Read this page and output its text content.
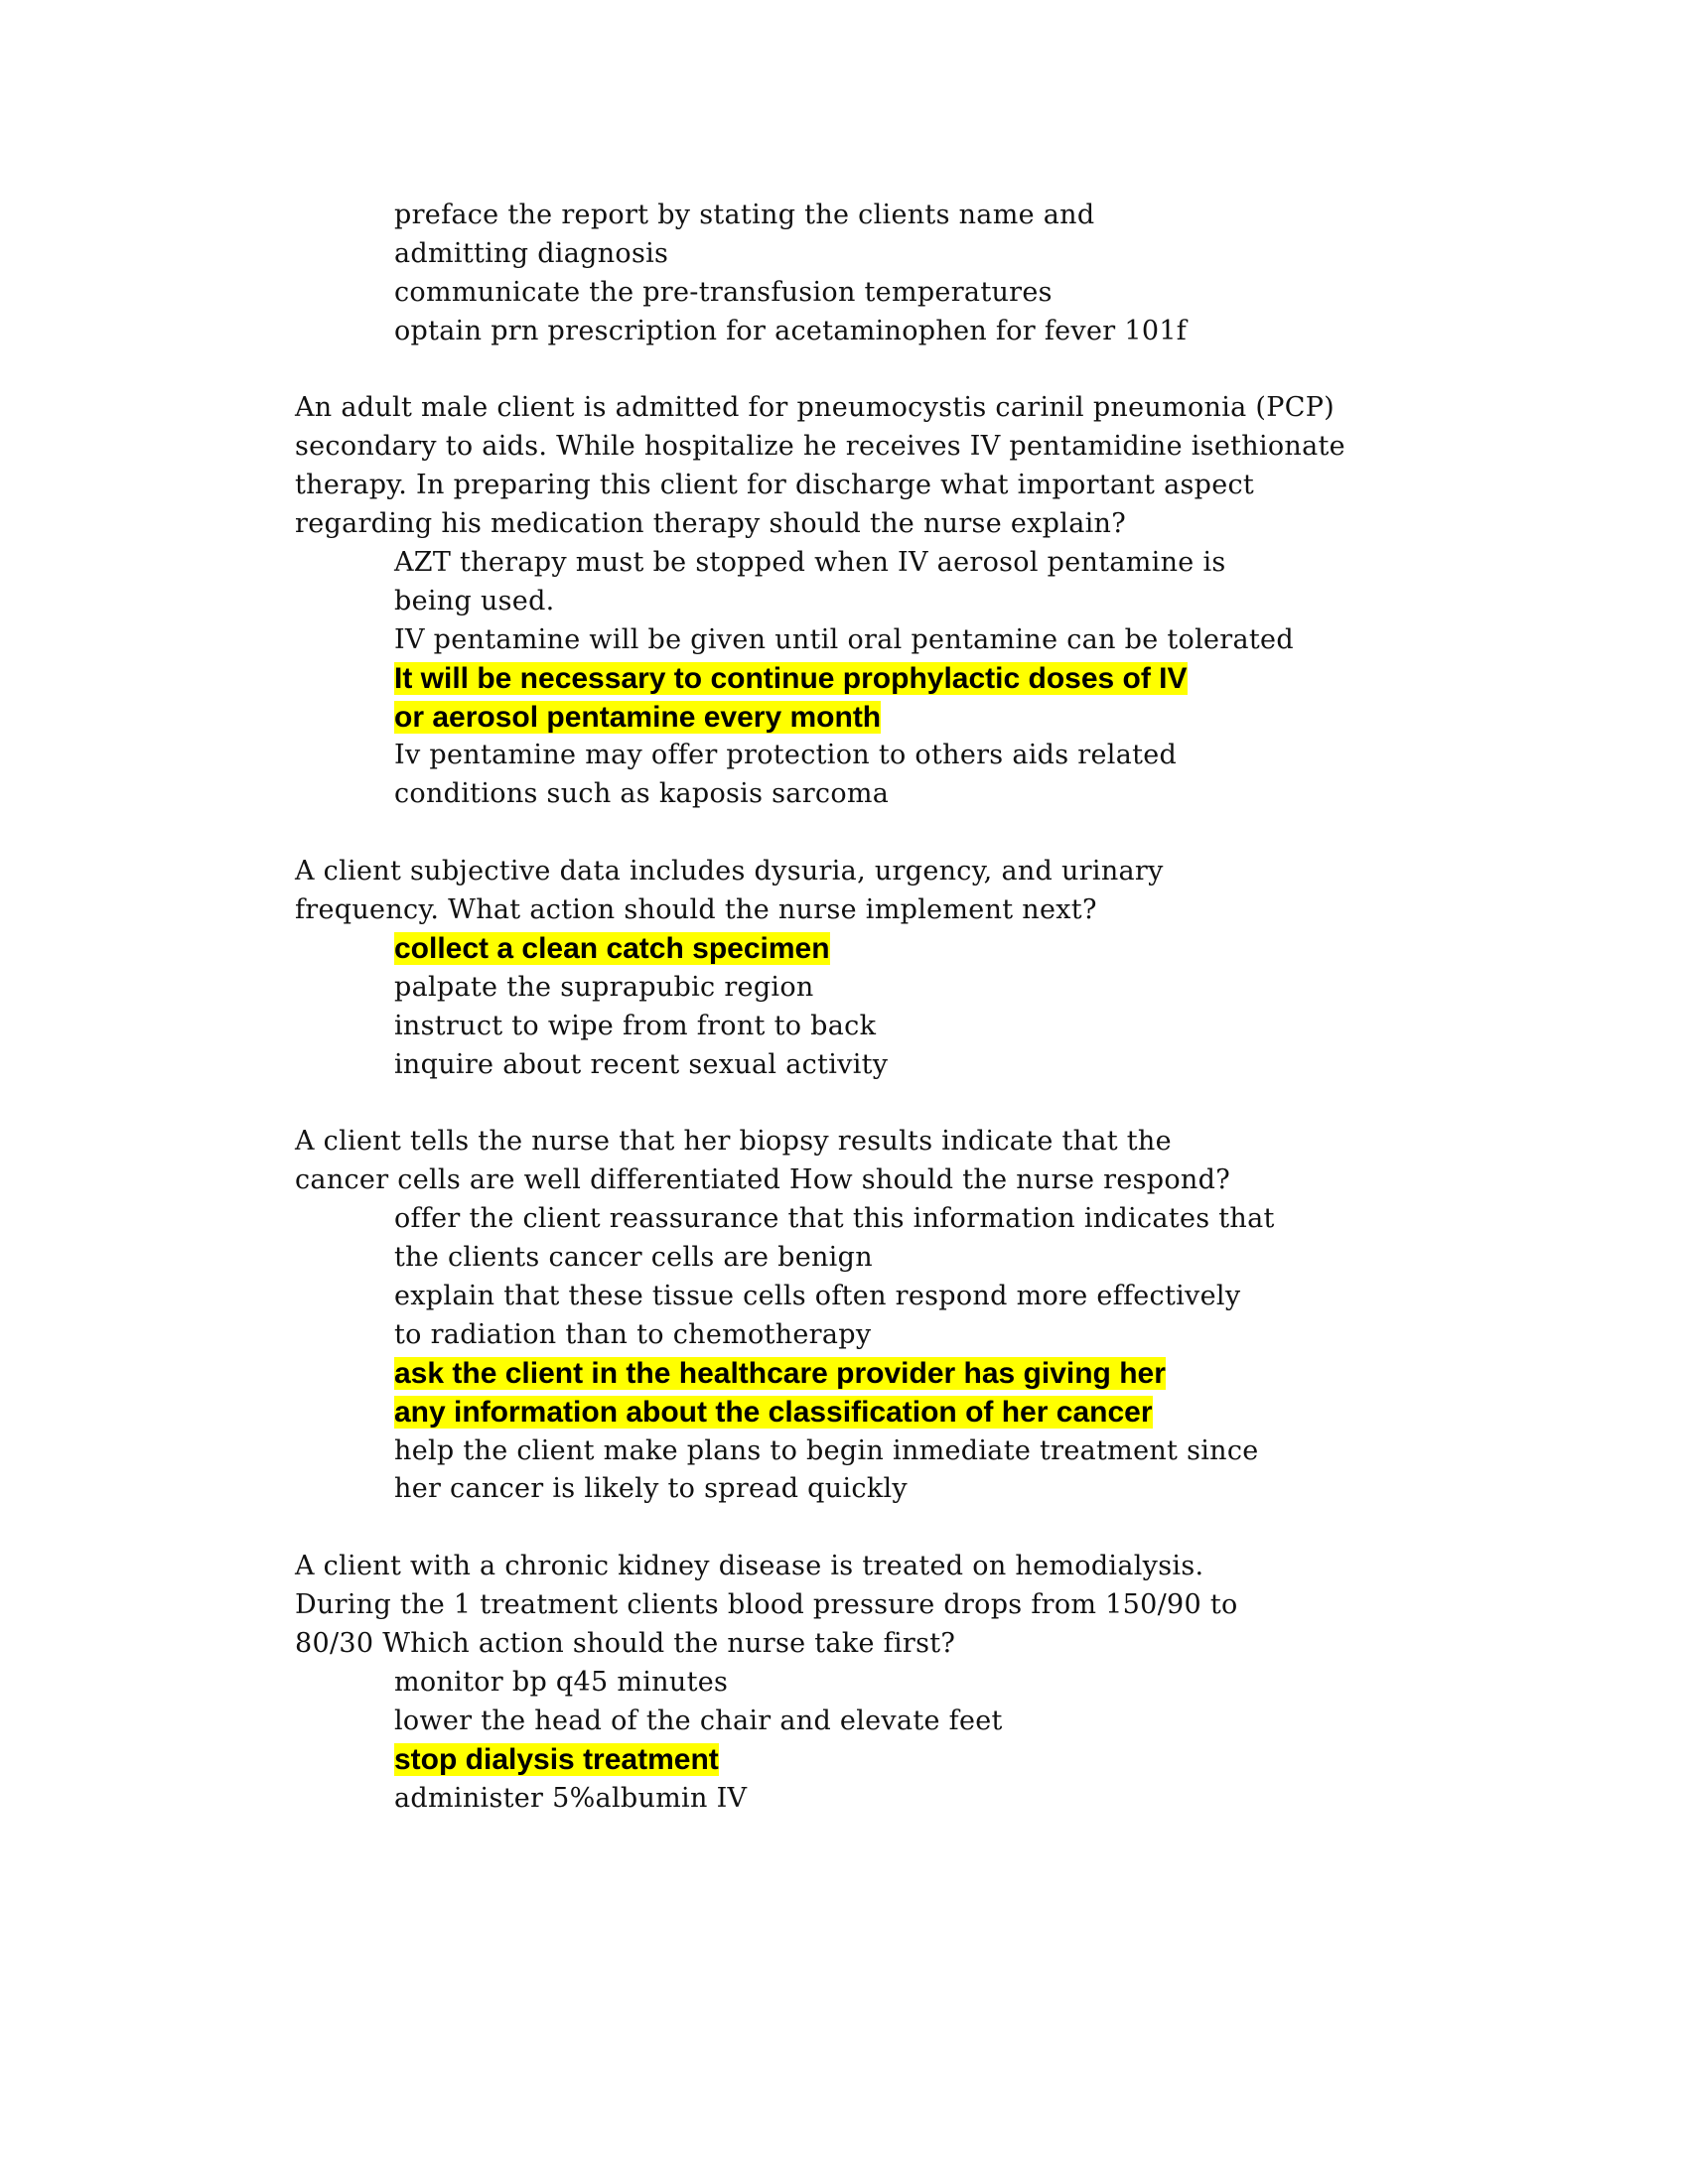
preface the report by stating the clients name and
admitting diagnosis
communicate the pre-transfusion temperatures
optain prn prescription for acetaminophen for fever 101f
An adult male client is admitted for pneumocystis carinil pneumonia (PCP)
secondary to aids. While hospitalize he receives IV pentamidine isethionate
therapy. In preparing this client for discharge what important aspect
regarding his medication therapy should the nurse explain?
AZT therapy must be stopped when IV aerosol pentamine is
being used.
IV pentamine will be given until oral pentamine can be tolerated
It will be necessary to continue prophylactic doses of IV
or aerosol pentamine every month
Iv pentamine may offer protection to others aids related
conditions such as kaposis sarcoma
A client subjective data includes dysuria, urgency, and urinary
frequency. What action should the nurse implement next?
collect a clean catch specimen
palpate the suprapubic region
instruct to wipe from front to back
inquire about recent sexual activity
A client tells the nurse that her biopsy results indicate that the
cancer cells are well differentiated How should the nurse respond?
offer the client reassurance that this information indicates that
the clients cancer cells are benign
explain that these tissue cells often respond more effectively
to radiation than to chemotherapy
ask the client in the healthcare provider has giving her
any information about the classification of her cancer
help the client make plans to begin inmediate treatment since
her cancer is likely to spread quickly
A client with a chronic kidney disease is treated on hemodialysis.
During the 1 treatment clients blood pressure drops from 150/90 to
80/30 Which action should the nurse take first?
monitor bp q45 minutes
lower the head of the chair and elevate feet
stop dialysis treatment
administer 5%albumin IV
